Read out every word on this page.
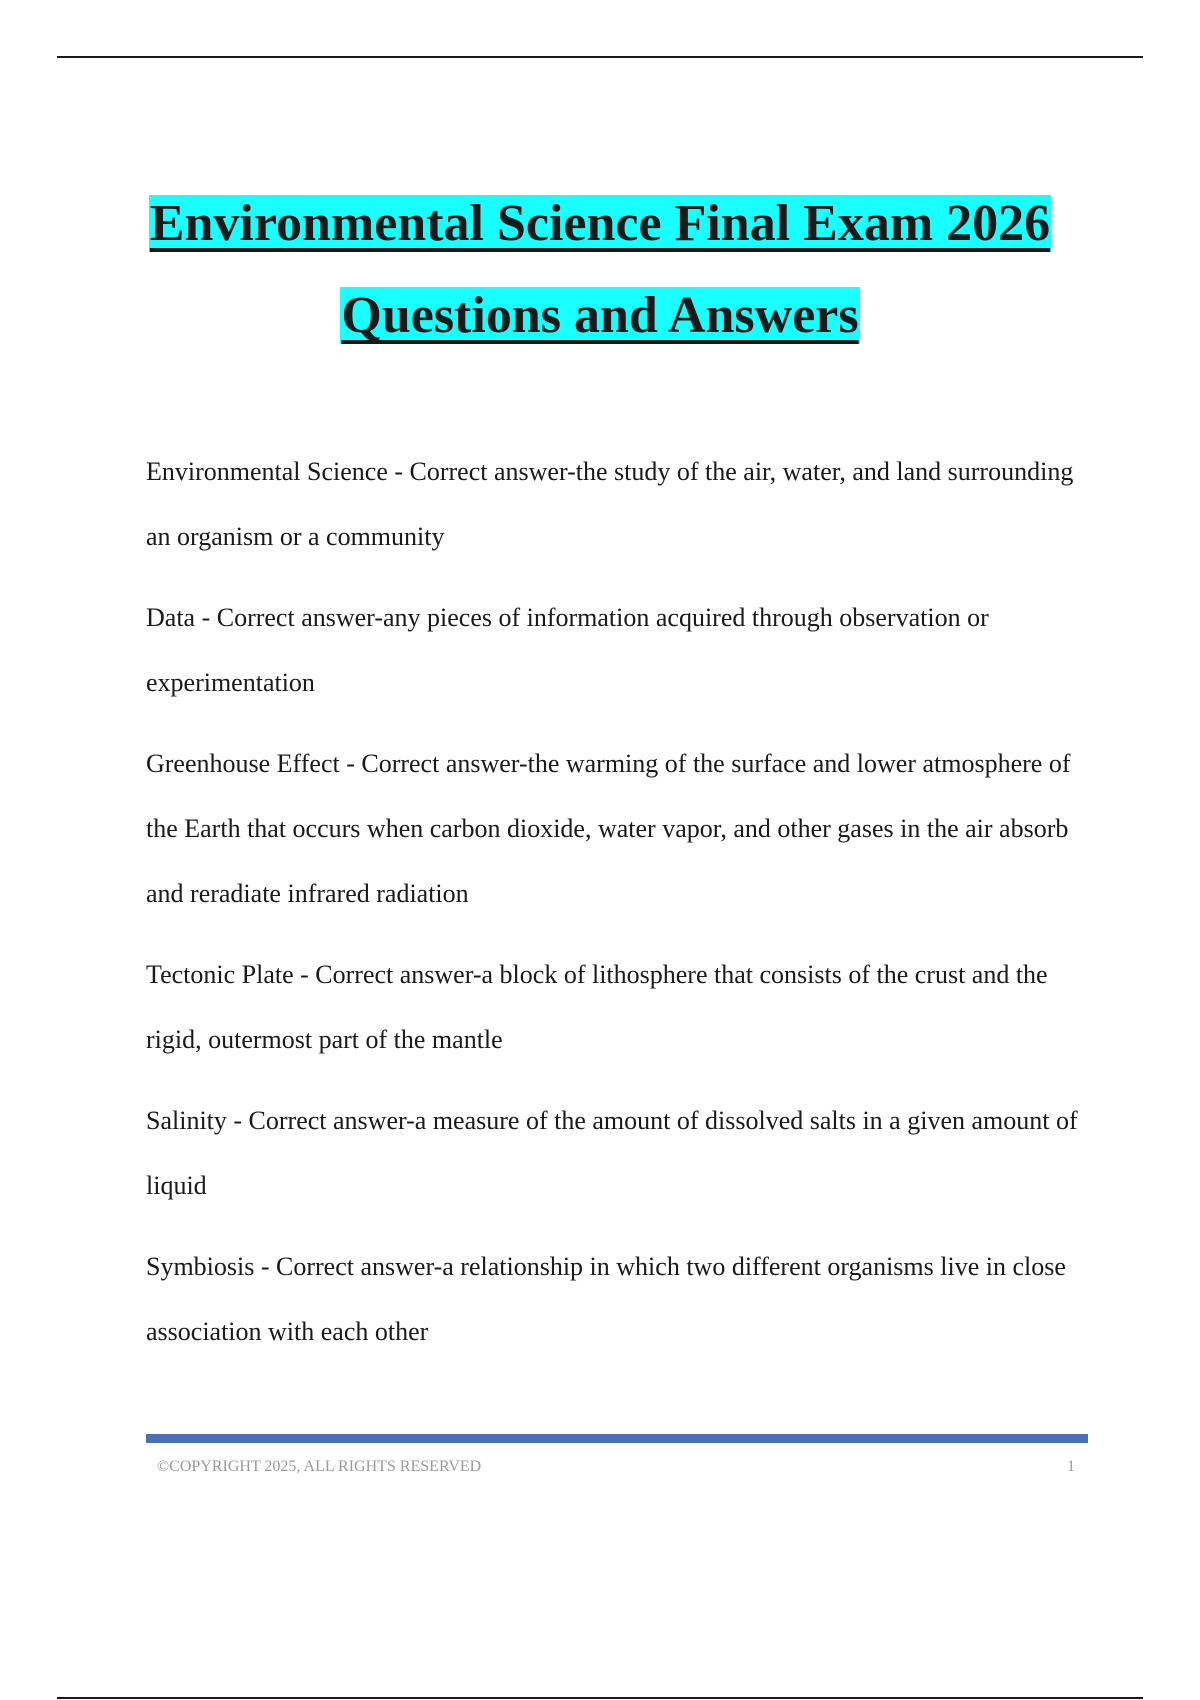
Environmental Science Final Exam 2026
Questions and Answers

Environmental Science - Correct answer-the study of the air, water, and land surrounding an organism or a community

Data - Correct answer-any pieces of information acquired through observation or experimentation

Greenhouse Effect - Correct answer-the warming of the surface and lower atmosphere of the Earth that occurs when carbon dioxide, water vapor, and other gases in the air absorb and reradiate infrared radiation

Tectonic Plate - Correct answer-a block of lithosphere that consists of the crust and the rigid, outermost part of the mantle

Salinity - Correct answer-a measure of the amount of dissolved salts in a given amount of liquid

Symbiosis - Correct answer-a relationship in which two different organisms live in close association with each other

©COPYRIGHT 2025, ALL RIGHTS RESERVED	1
